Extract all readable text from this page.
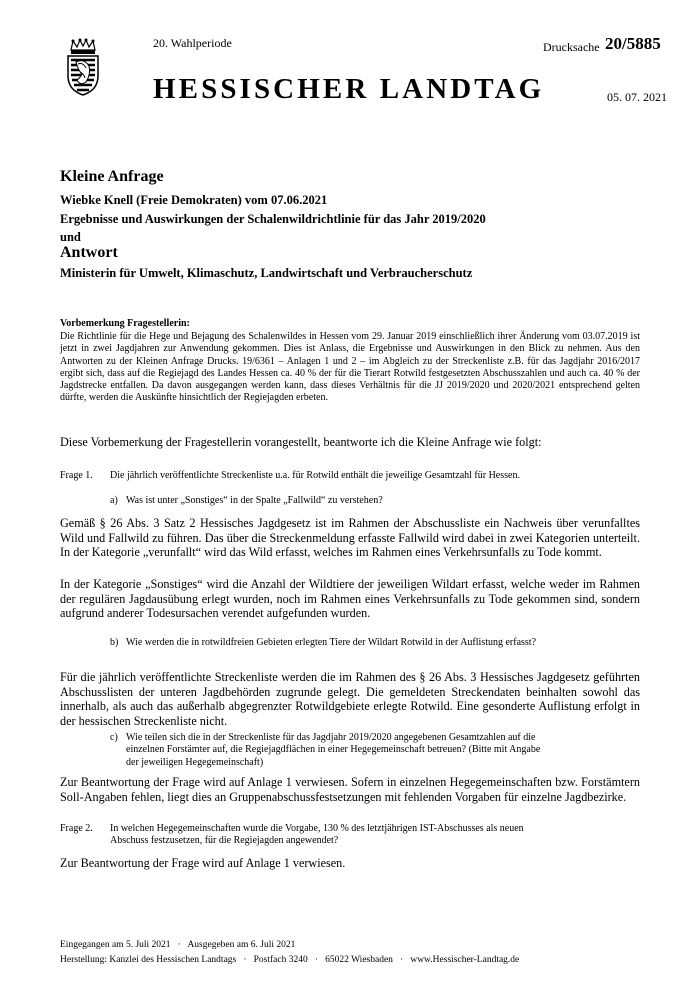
20. Wahlperiode	Drucksache 20/5885
HESSISCHER LANDTAG	05. 07. 2021
Kleine Anfrage
Wiebke Knell (Freie Demokraten) vom 07.06.2021
Ergebnisse und Auswirkungen der Schalenwildrichtlinie für das Jahr 2019/2020
und
Antwort
Ministerin für Umwelt, Klimaschutz, Landwirtschaft und Verbraucherschutz
Vorbemerkung Fragestellerin:
Die Richtlinie für die Hege und Bejagung des Schalenwildes in Hessen vom 29. Januar 2019 einschließlich ihrer Änderung vom 03.07.2019 ist jetzt in zwei Jagdjahren zur Anwendung gekommen. Dies ist Anlass, die Ergebnisse und Auswirkungen in den Blick zu nehmen. Aus den Antworten zu der Kleinen Anfrage Drucks. 19/6361 – Anlagen 1 und 2 – im Abgleich zu der Streckenliste z.B. für das Jagdjahr 2016/2017 ergibt sich, dass auf die Regiejagd des Landes Hessen ca. 40 % der für die Tierart Rotwild festgesetzten Abschusszahlen und auch ca. 40 % der Jagdstrecke entfallen. Da davon ausgegangen werden kann, dass dieses Verhältnis für die JJ 2019/2020 und 2020/2021 entsprechend gelten dürfte, werden die Auskünfte hinsichtlich der Regiejagden erbeten.
Diese Vorbemerkung der Fragestellerin vorangestellt, beantworte ich die Kleine Anfrage wie folgt:
Frage 1. Die jährlich veröffentlichte Streckenliste u.a. für Rotwild enthält die jeweilige Gesamtzahl für Hessen.
a) Was ist unter „Sonstiges“ in der Spalte „Fallwild“ zu verstehen?
Gemäß § 26 Abs. 3 Satz 2 Hessisches Jagdgesetz ist im Rahmen der Abschussliste ein Nachweis über verunfalltes Wild und Fallwild zu führen. Das über die Streckenmeldung erfasste Fallwild wird dabei in zwei Kategorien unterteilt. In der Kategorie „verunfallt“ wird das Wild erfasst, welches im Rahmen eines Verkehrsunfalls zu Tode kommt.
In der Kategorie „Sonstiges“ wird die Anzahl der Wildtiere der jeweiligen Wildart erfasst, welche weder im Rahmen der regulären Jagdausübung erlegt wurden, noch im Rahmen eines Verkehrsunfalls zu Tode gekommen sind, sondern aufgrund anderer Todesursachen verendet aufgefunden wurden.
b) Wie werden die in rotwildfreien Gebieten erlegten Tiere der Wildart Rotwild in der Auflistung erfasst?
Für die jährlich veröffentlichte Streckenliste werden die im Rahmen des § 26 Abs. 3 Hessisches Jagdgesetz geführten Abschusslisten der unteren Jagdbehörden zugrunde gelegt. Die gemeldeten Streckendaten beinhalten sowohl das innerhalb, als auch das außerhalb abgegrenzter Rotwildgebiete erlegte Rotwild. Eine gesonderte Auflistung erfolgt in der hessischen Streckenliste nicht.
c) Wie teilen sich die in der Streckenliste für das Jagdjahr 2019/2020 angegebenen Gesamtzahlen auf die einzelnen Forstämter auf, die Regiejagdflächen in einer Hegegemeinschaft betreuen? (Bitte mit Angabe der jeweiligen Hegegemeinschaft)
Zur Beantwortung der Frage wird auf Anlage 1 verwiesen. Sofern in einzelnen Hegegemeinschaften bzw. Forstämtern Soll-Angaben fehlen, liegt dies an Gruppenabschussfestsetzungen mit fehlenden Vorgaben für einzelne Jagdbezirke.
Frage 2. In welchen Hegegemeinschaften wurde die Vorgabe, 130 % des letztjährigen IST-Abschusses als neuen Abschuss festzusetzen, für die Regiejagden angewendet?
Zur Beantwortung der Frage wird auf Anlage 1 verwiesen.
Eingegangen am 5. Juli 2021   ·   Ausgegeben am 6. Juli 2021
Herstellung: Kanzlei des Hessischen Landtags   ·   Postfach 3240   ·   65022 Wiesbaden   ·   www.Hessischer-Landtag.de
